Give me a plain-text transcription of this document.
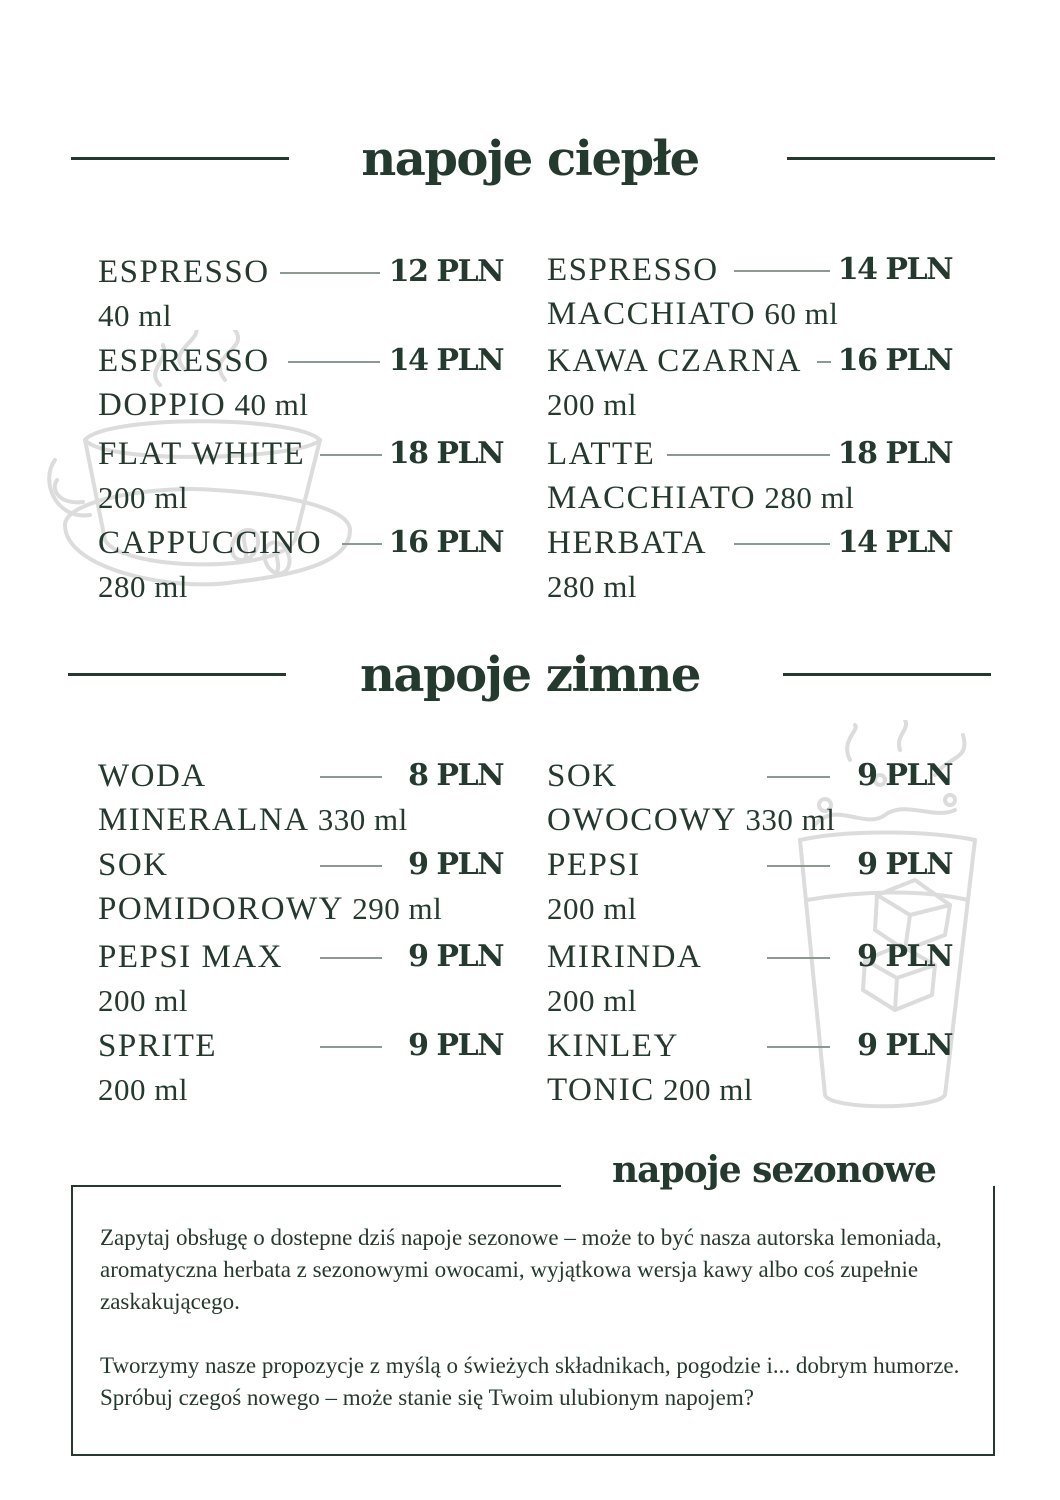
napoje ciepłe
ESPRESSO	12 PLN
40 ml
ESPRESSO	14 PLN
MACCHIATO 60 ml
ESPRESSO	14 PLN
DOPPIO 40 ml
KAWA CZARNA 16 PLN
200 ml
FLAT WHITE	18 PLN
200 ml
LATTE	18 PLN
MACCHIATO 280 ml
CAPPUCCINO 16 PLN
280 ml
HERBATA	14 PLN
280 ml
napoje zimne
WODA	8 PLN
MINERALNA 330 ml
SOK	9 PLN
OWOCOWY 330 ml
SOK	9 PLN
POMIDOROWY 290 ml
PEPSI	9 PLN
200 ml
PEPSI MAX	9 PLN
200 ml
MIRINDA	9 PLN
200 ml
SPRITE	9 PLN
200 ml
KINLEY	9 PLN
TONIC 200 ml
napoje sezonowe

Zapytaj obsługę o dostepne dziś napoje sezonowe – może to być nasza autorska lemoniada, aromatyczna herbata z sezonowymi owocami, wyjątkowa wersja kawy albo coś zupełnie zaskakującego.

Tworzymy nasze propozycje z myślą o świeżych składnikach, pogodzie i... dobrym humorze. Spróbuj czegoś nowego – może stanie się Twoim ulubionym napojem?
